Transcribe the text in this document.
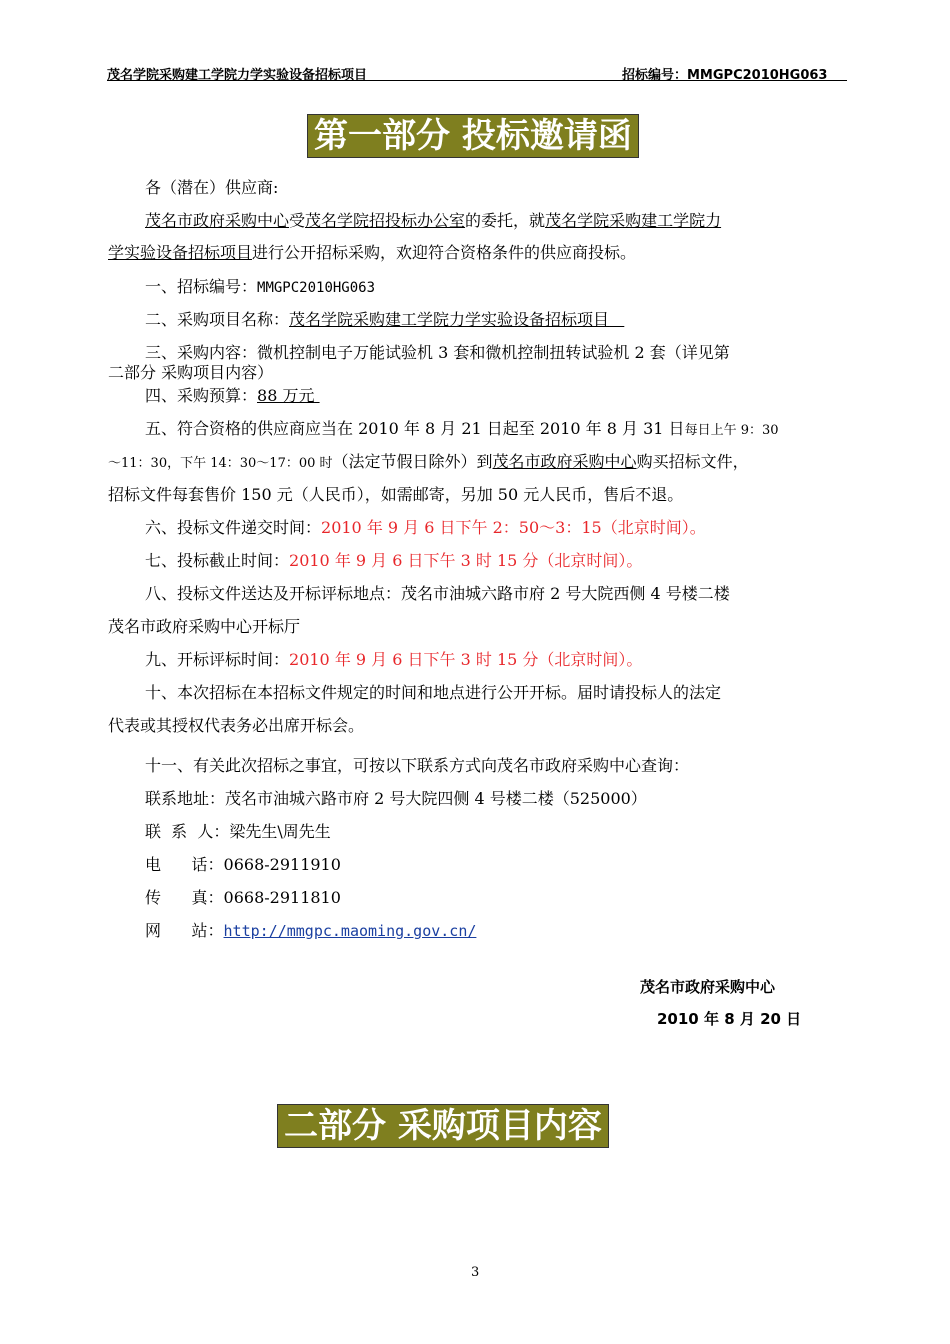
茂名学院采购建工学院力学实验设备招标项目	招标编号：MMGPC2010HG063
第一部分 投标邀请函
各（潜在）供应商:
茂名市政府采购中心受茂名学院招投标办公室的委托，就茂名学院采购建工学院力
学实验设备招标项目进行公开招标采购，欢迎符合资格条件的供应商投标。
一、招标编号：MMGPC2010HG063
二、采购项目名称：茂名学院采购建工学院力学实验设备招标项目
三、采购内容：微机控制电子万能试验机 3 套和微机控制扭转试验机 2 套（详见第
二部分 采购项目内容）
四、采购预算：88 万元
五、符合资格的供应商应当在 2010 年 8 月 21 日起至 2010 年 8 月 31 日每日上午 9：30
～11：30，下午 14：30～17：00 时（法定节假日除外）到茂名市政府采购中心购买招标文件，
招标文件每套售价 150 元（人民币），如需邮寄，另加 50 元人民币，售后不退。
六、投标文件递交时间：2010 年 9 月 6 日下午 2：50～3：15（北京时间）。
七、投标截止时间：2010 年 9 月 6 日下午 3 时 15 分（北京时间）。
八、投标文件送达及开标评标地点：茂名市油城六路市府 2 号大院西侧 4 号楼二楼
茂名市政府采购中心开标厅
九、开标评标时间：2010 年 9 月 6 日下午 3 时 15 分（北京时间）。
十、本次招标在本招标文件规定的时间和地点进行公开开标。届时请投标人的法定
代表或其授权代表务必出席开标会。
十一、有关此次招标之事宜，可按以下联系方式向茂名市政府采购中心查询：
联系地址：茂名市油城六路市府 2 号大院四侧 4 号楼二楼（525000）
联  系  人：梁先生\周先生
电      话：0668-2911910
传      真：0668-2911810
网      站：http://mmgpc.maoming.gov.cn/
茂名市政府采购中心
2010 年 8 月 20 日
二部分 采购项目内容
3
